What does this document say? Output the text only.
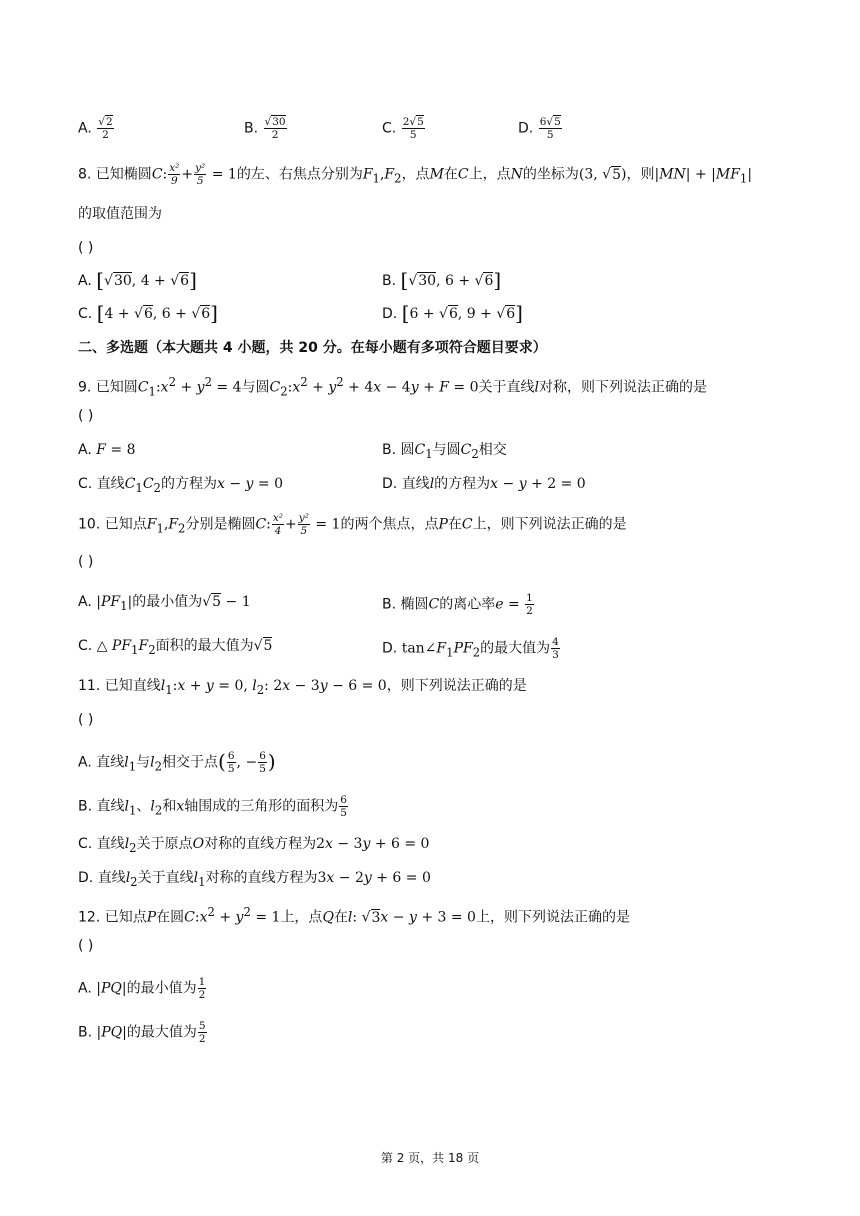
A. $\frac{√2}{2}$	B. $\frac{√30}{2}$	C. $\frac{2√5}{5}$	D. $\frac{6√5}{5}$
8. 已知椭圆C: $\frac{\text{x²}}{9} + \frac{\text{y²}}{5} = 1$的左、右焦点分别为$F_1,F_2$，点M在C上，点N的坐标为(3, √5)，则$|MN| + |MF_1|$
的取值范围为
( )
A. [√30, 4 + √6]	B. [√30, 6 + √6]
C. [4 + √6, 6 + √6]	D. [6 + √6, 9 + √6]
二、多选题（本大题共 4 小题，共 20 分。在每小题有多项符合题目要求）
9. 已知圆$C_1:x^2 + y^2 = 4$与圆$C_2:x^2 + y^2 + 4x - 4y + F = 0$关于直线l对称，则下列说法正确的是
( )
A. F = 8	B. 圆$C_1$与圆$C_2$相交
C. 直线$C_1C_2$的方程为x − y = 0	D. 直线l的方程为x − y + 2 = 0
10. 已知点$F_1,F_2$分别是椭圆C: $\frac{\text{x²}}{4} + \frac{\text{y²}}{5} = 1$的两个焦点，点P在C上，则下列说法正确的是
( )
A. $|PF_1|$的最小值为√5 − 1	B. 椭圆C的离心率$e = \frac{1}{2}$
C. △ $PF_1F_2$面积的最大值为√5	D. $\tan\angle F_1PF_2$的最大值为 $\frac{4}{3}$
11. 已知直线$l_1:x + y = 0$, $l_2$: 2x − 3y − 6 = 0，则下列说法正确的是
( )
A. 直线$l_1$与$l_2$相交于点( $\frac{6}{5}$ , − $\frac{6}{5}$ )
B. 直线$l_1$、$l_2$和x轴围成的三角形的面积为 $\frac{6}{5}$
C. 直线$l_2$关于原点O对称的直线方程为2x − 3y + 6 = 0
D. 直线$l_2$关于直线$l_1$对称的直线方程为3x − 2y + 6 = 0
12. 已知点P在圆$C:x^2 + y^2 = 1$上，点Q在l: √3x − y + 3 = 0上，则下列说法正确的是
( )
A. |PQ|的最小值为 $\frac{1}{2}$
B. |PQ|的最大值为 $\frac{5}{2}$
第 2 页，共 18 页
